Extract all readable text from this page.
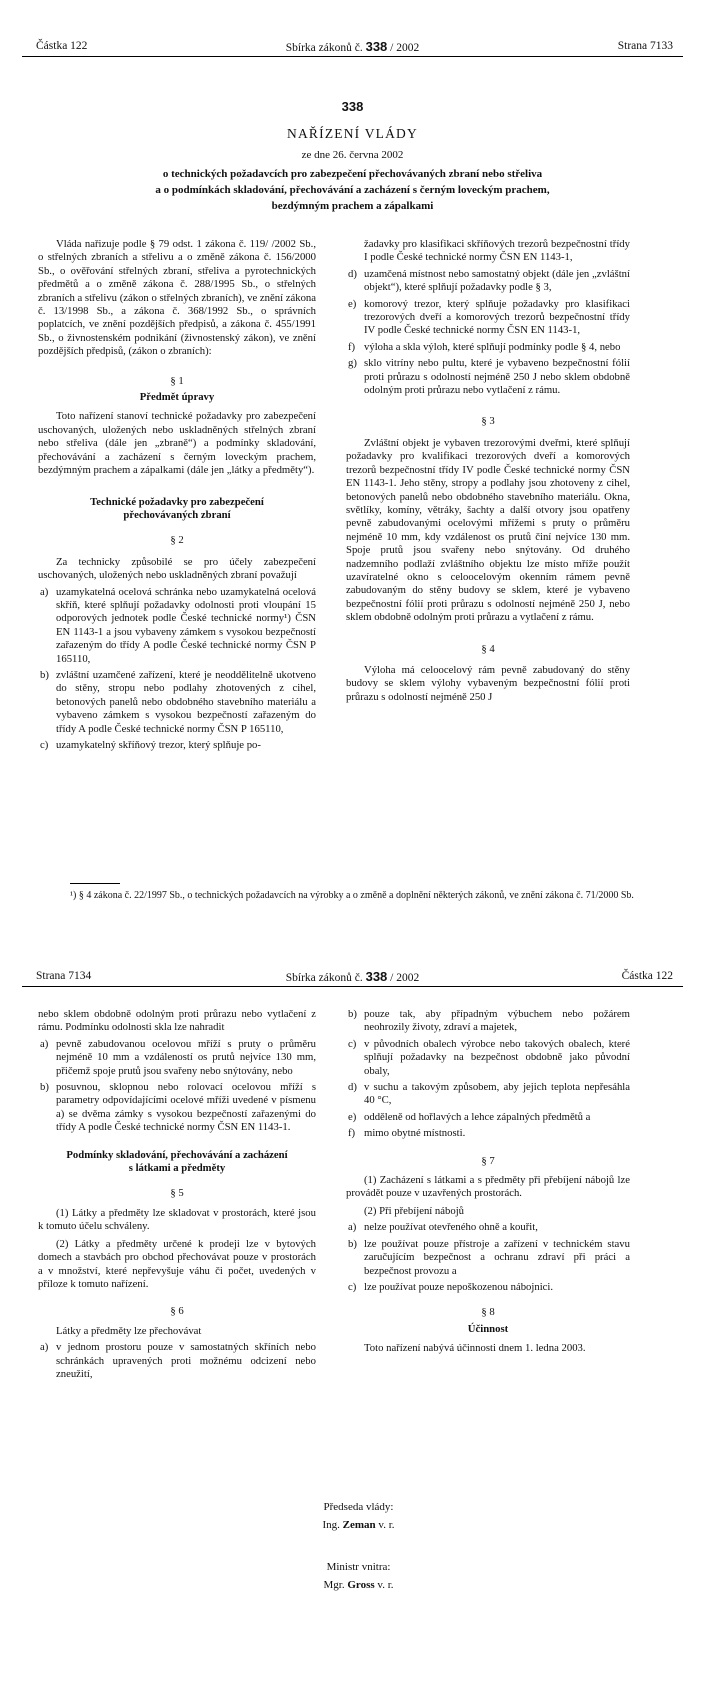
Částka 122	Sbírka zákonů č. 338 / 2002	Strana 7133
338
NAŘÍZENÍ VLÁDY
ze dne 26. června 2002
o technických požadavcích pro zabezpečení přechovávaných zbraní nebo střeliva
a o podmínkách skladování, přechovávání a zacházení s černým loveckým prachem,
bezdýmným prachem a zápalkami

Vláda nařizuje podle § 79 odst. 1 zákona č. 119/ /2002 Sb., o střelných zbraních a střelivu a o změně zákona č. 156/2000 Sb., o ověřování střelných zbraní, střeliva a pyrotechnických předmětů a o změně zákona č. 288/1995 Sb., o střelných zbraních a střelivu (zákon o střelných zbraních), ve znění zákona č. 13/1998 Sb., a zákona č. 368/1992 Sb., o správních poplatcích, ve znění pozdějších předpisů, a zákona č. 455/1991 Sb., o živnostenském podnikání (živnostenský zákon), ve znění pozdějších předpisů, (zákon o zbraních):

§ 1
Předmět úpravy

Toto nařízení stanoví technické požadavky pro zabezpečení uschovaných, uložených nebo uskladněných střelných zbraní nebo střeliva (dále jen „zbraně“) a podmínky skladování, přechovávání a zacházení s černým loveckým prachem, bezdýmným prachem a zápalkami (dále jen „látky a předměty“).

Technické požadavky pro zabezpečení
přechovávaných zbraní
§ 2

Za technicky způsobilé se pro účely zabezpečení uschovaných, uložených nebo uskladněných zbraní považují

a) uzamykatelná ocelová schránka nebo uzamykatelná ocelová skříň, které splňují požadavky odolnosti proti vloupání 15 odporových jednotek podle České technické normy¹) ČSN EN 1143-1 a jsou vybaveny zámkem s vysokou bezpečností zařazeným do třídy A podle České technické normy ČSN P 165110,
b) zvláštní uzamčené zařízení, které je neoddělitelně ukotveno do stěny, stropu nebo podlahy zhotovených z cihel, betonových panelů nebo obdobného stavebního materiálu a vybaveno zámkem s vysokou bezpečností zařazeným do třídy A podle České technické normy ČSN P 165110,
c) uzamykatelný skříňový trezor, který splňuje po-
žadavky pro klasifikaci skříňových trezorů bezpečnostní třídy I podle České technické normy ČSN EN 1143-1,
d) uzamčená místnost nebo samostatný objekt (dále jen „zvláštní objekt“), které splňují požadavky podle § 3,
e) komorový trezor, který splňuje požadavky pro klasifikaci trezorových dveří a komorových trezorů bezpečnostní třídy IV podle České technické normy ČSN EN 1143-1,
f) výloha a skla výloh, které splňují podmínky podle § 4, nebo
g) sklo vitríny nebo pultu, které je vybaveno bezpečnostní fólií proti průrazu s odolností nejméně 250 J nebo sklem obdobně odolným proti průrazu nebo vytlačení z rámu.
§ 3

Zvláštní objekt je vybaven trezorovými dveřmi, které splňují požadavky pro kvalifikaci trezorových dveří a komorových trezorů bezpečnostní třídy IV podle České technické normy ČSN EN 1143-1. Jeho stěny, stropy a podlahy jsou zhotoveny z cihel, betonových panelů nebo obdobného stavebního materiálu. Okna, světlíky, komíny, větráky, šachty a další otvory jsou opatřeny pevně zabudovanými ocelovými mřížemi s pruty o průměru nejméně 10 mm, kdy vzdálenost os prutů činí nejvíce 130 mm. Spoje prutů jsou svařeny nebo snýtovány. Od druhého nadzemního podlaží zvláštního objektu lze místo mříže použít uzavíratelné okno s celoocelovým okenním rámem pevně zabudovaným do stěny budovy se sklem, které je vybaveno bezpečnostní fólií proti průrazu s odolností nejméně 250 J, nebo sklem obdobně odolným proti průrazu a vytlačení z rámu.

§ 4

Výloha má celoocelový rám pevně zabudovaný do stěny budovy se sklem výlohy vybaveným bezpečnostní fólií proti průrazu s odolností nejméně 250 J

¹) § 4 zákona č. 22/1997 Sb., o technických požadavcích na výrobky a o změně a doplnění některých zákonů, ve znění zákona č. 71/2000 Sb.
Strana 7134	Sbírka zákonů č. 338 / 2002	Částka 122

nebo sklem obdobně odolným proti průrazu nebo vytlačení z rámu. Podmínku odolnosti skla lze nahradit

a) pevně zabudovanou ocelovou mříží s pruty o průměru nejméně 10 mm a vzdáleností os prutů nejvíce 130 mm, přičemž spoje prutů jsou svařeny nebo snýtovány, nebo
b) posuvnou, sklopnou nebo rolovací ocelovou mříží s parametry odpovídajícími ocelové mříži uvedené v písmenu a) se dvěma zámky s vysokou bezpečností zařazenými do třídy A podle České technické normy ČSN EN 1143-1.
Podmínky skladování, přechovávání a zacházení
s látkami a předměty
§ 5

(1) Látky a předměty lze skladovat v prostorách, které jsou k tomuto účelu schváleny.

(2) Látky a předměty určené k prodeji lze v bytových domech a stavbách pro obchod přechovávat pouze v prostorách a v množství, které nepřevyšuje váhu či počet, uvedených v příloze k tomuto nařízení.

§ 6

Látky a předměty lze přechovávat

a) v jednom prostoru pouze v samostatných skříních nebo schránkách upravených proti možnému odcizení nebo zneužití,
b) pouze tak, aby případným výbuchem nebo požárem neohrozily životy, zdraví a majetek,
c) v původních obalech výrobce nebo takových obalech, které splňují požadavky na bezpečnost obdobně jako původní obaly,
d) v suchu a takovým způsobem, aby jejich teplota nepřesáhla 40 °C,
e) odděleně od hořlavých a lehce zápalných předmětů a
f) mimo obytné místnosti.
§ 7

(1) Zacházení s látkami a s předměty při přebíjení nábojů lze provádět pouze v uzavřených prostorách.

(2) Při přebíjení nábojů

a) nelze používat otevřeného ohně a kouřit,
b) lze používat pouze přístroje a zařízení v technickém stavu zaručujícím bezpečnost a ochranu zdraví při práci a bezpečnost provozu a
c) lze používat pouze nepoškozenou nábojnici.
§ 8
Účinnost

Toto nařízení nabývá účinnosti dnem 1. ledna 2003.

Předseda vlády:
Ing. Zeman v. r.
Ministr vnitra:
Mgr. Gross v. r.
